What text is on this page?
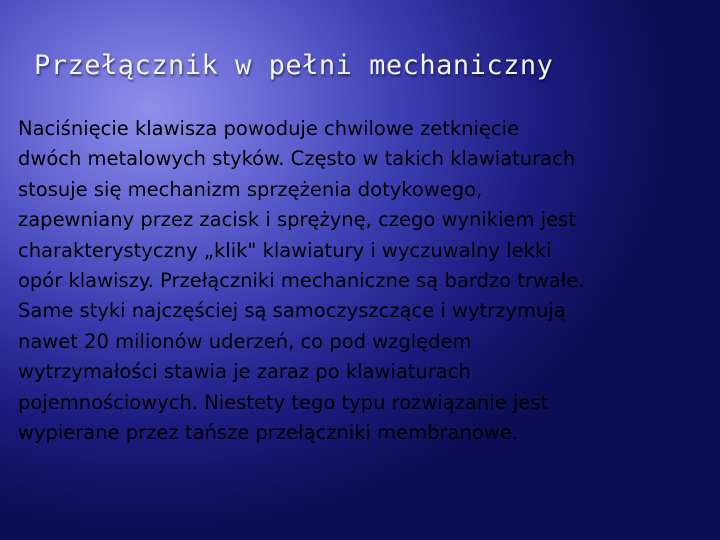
Przełącznik w pełni mechaniczny
Naciśnięcie klawisza powoduje chwilowe zetknięcie
dwóch metalowych styków. Często w takich klawiaturach
stosuje się mechanizm sprzężenia dotykowego,
zapewniany przez zacisk i sprężynę, czego wynikiem jest
charakterystyczny „klik" klawiatury i wyczuwalny lekki
opór klawiszy. Przełączniki mechaniczne są bardzo trwałe.
Same styki najczęściej są samoczyszczące i wytrzymują
nawet 20 milionów uderzeń, co pod względem
wytrzymałości stawia je zaraz po klawiaturach
pojemnościowych. Niestety tego typu rozwiązanie jest
wypierane przez tańsze przełączniki membranowe.
